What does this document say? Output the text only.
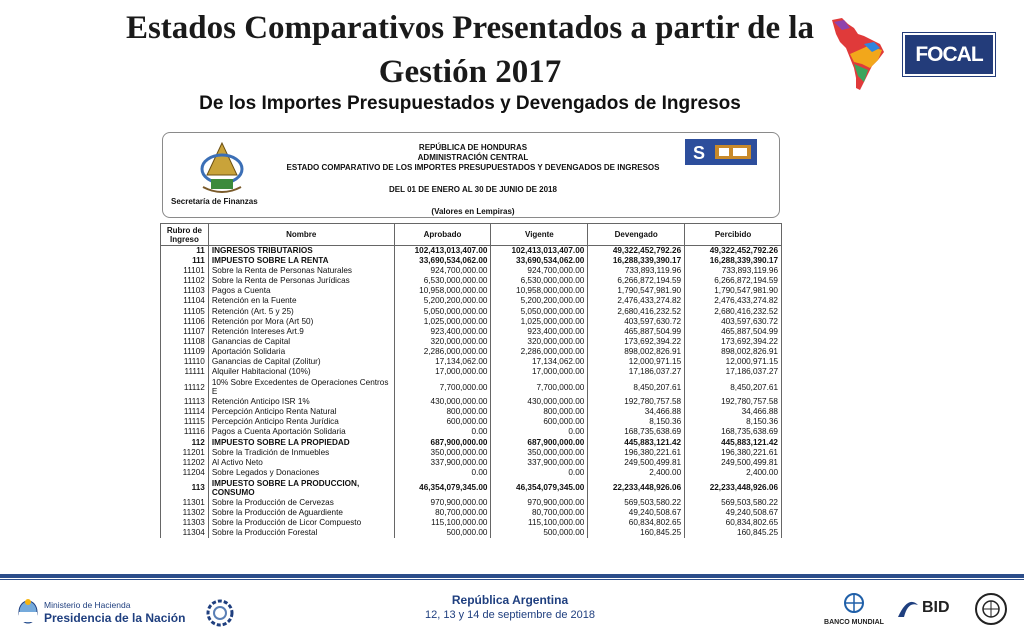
Estados Comparativos Presentados a partir de la Gestión 2017
De los Importes Presupuestados y Devengados de Ingresos
FOCAL
Secretaría de Finanzas
REPÚBLICA DE HONDURAS
ADMINISTRACIÓN CENTRAL
ESTADO COMPARATIVO DE LOS IMPORTES PRESUPUESTADOS Y DEVENGADOS DE INGRESOS
DEL 01 DE ENERO AL 30 DE JUNIO DE 2018
(Valores en Lempiras)
S
Rubro de Ingreso	Nombre	Aprobado	Vigente	Devengado	Percibido
11	INGRESOS TRIBUTARIOS	102,413,013,407.00	102,413,013,407.00	49,322,452,792.26	49,322,452,792.26
111	IMPUESTO SOBRE LA RENTA	33,690,534,062.00	33,690,534,062.00	16,288,339,390.17	16,288,339,390.17
11101	Sobre la Renta de Personas Naturales	924,700,000.00	924,700,000.00	733,893,119.96	733,893,119.96
11102	Sobre la Renta de Personas Jurídicas	6,530,000,000.00	6,530,000,000.00	6,266,872,194.59	6,266,872,194.59
11103	Pagos a Cuenta	10,958,000,000.00	10,958,000,000.00	1,790,547,981.90	1,790,547,981.90
11104	Retención en la Fuente	5,200,200,000.00	5,200,200,000.00	2,476,433,274.82	2,476,433,274.82
11105	Retención (Art. 5 y 25)	5,050,000,000.00	5,050,000,000.00	2,680,416,232.52	2,680,416,232.52
11106	Retención por Mora (Art 50)	1,025,000,000.00	1,025,000,000.00	403,597,630.72	403,597,630.72
11107	Retención Intereses Art.9	923,400,000.00	923,400,000.00	465,887,504.99	465,887,504.99
11108	Ganancias de Capital	320,000,000.00	320,000,000.00	173,692,394.22	173,692,394.22
11109	Aportación Solidaria	2,286,000,000.00	2,286,000,000.00	898,002,826.91	898,002,826.91
11110	Ganancias de Capital (Zolitur)	17,134,062.00	17,134,062.00	12,000,971.15	12,000,971.15
11111	Alquiler Habitacional (10%)	17,000,000.00	17,000,000.00	17,186,037.27	17,186,037.27
11112	10% Sobre Excedentes de Operaciones Centros E	7,700,000.00	7,700,000.00	8,450,207.61	8,450,207.61
11113	Retención Anticipo ISR 1%	430,000,000.00	430,000,000.00	192,780,757.58	192,780,757.58
11114	Percepción Anticipo Renta Natural	800,000.00	800,000.00	34,466.88	34,466.88
11115	Percepción Anticipo Renta Jurídica	600,000.00	600,000.00	8,150.36	8,150.36
11116	Pagos a Cuenta Aportación Solidaria	0.00	0.00	168,735,638.69	168,735,638.69
112	IMPUESTO SOBRE LA PROPIEDAD	687,900,000.00	687,900,000.00	445,883,121.42	445,883,121.42
11201	Sobre la Tradición de Inmuebles	350,000,000.00	350,000,000.00	196,380,221.61	196,380,221.61
11202	Al Activo Neto	337,900,000.00	337,900,000.00	249,500,499.81	249,500,499.81
11204	Sobre Legados y Donaciones	0.00	0.00	2,400.00	2,400.00
113	IMPUESTO SOBRE LA PRODUCCION, CONSUMO	46,354,079,345.00	46,354,079,345.00	22,233,448,926.06	22,233,448,926.06
11301	Sobre la Producción de Cervezas	970,900,000.00	970,900,000.00	569,503,580.22	569,503,580.22
11302	Sobre la Producción de Aguardiente	80,700,000.00	80,700,000.00	49,240,508.67	49,240,508.67
11303	Sobre la Producción de Licor Compuesto	115,100,000.00	115,100,000.00	60,834,802.65	60,834,802.65
11304	Sobre la Producción Forestal	500,000.00	500,000.00	160,845.25	160,845.25
Ministerio de Hacienda
Presidencia de la Nación
República Argentina
12, 13 y 14 de septiembre de 2018
BANCO MUNDIAL
BID
